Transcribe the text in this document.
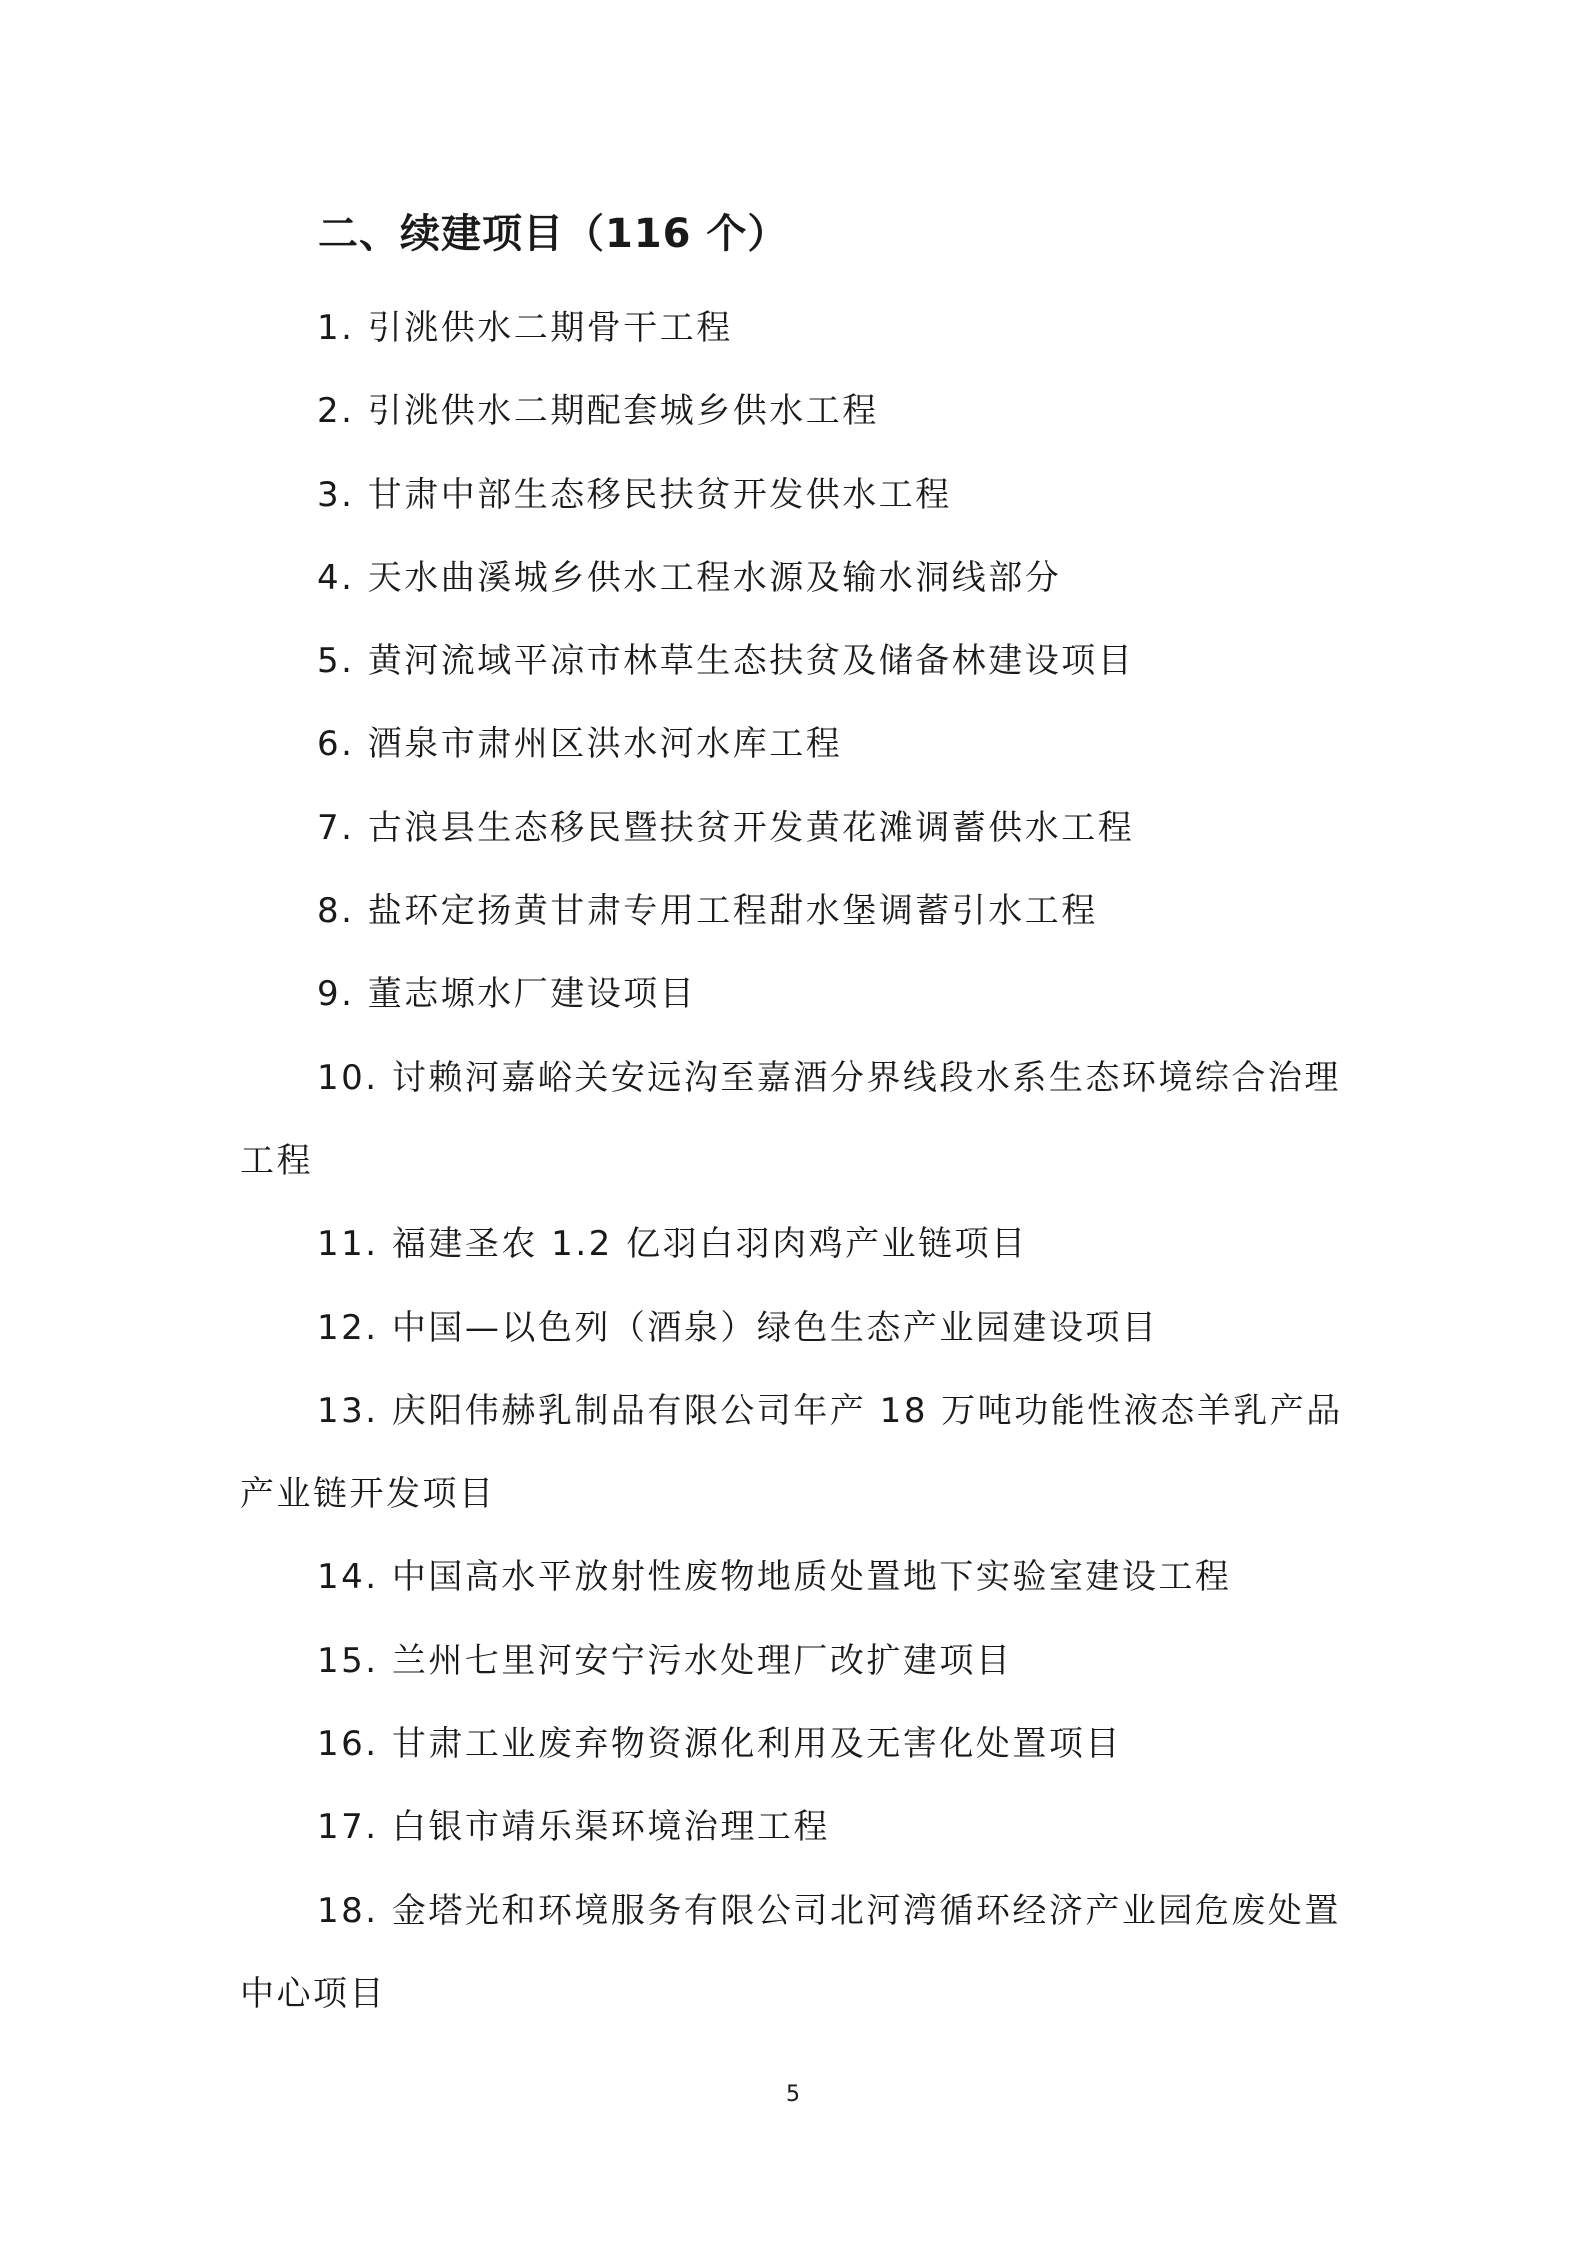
二、续建项目（116 个）
1. 引洮供水二期骨干工程
2. 引洮供水二期配套城乡供水工程
3. 甘肃中部生态移民扶贫开发供水工程
4. 天水曲溪城乡供水工程水源及输水洞线部分
5. 黄河流域平凉市林草生态扶贫及储备林建设项目
6. 酒泉市肃州区洪水河水库工程
7. 古浪县生态移民暨扶贫开发黄花滩调蓄供水工程
8. 盐环定扬黄甘肃专用工程甜水堡调蓄引水工程
9. 董志塬水厂建设项目
10. 讨赖河嘉峪关安远沟至嘉酒分界线段水系生态环境综合治理工程
11. 福建圣农 1.2 亿羽白羽肉鸡产业链项目
12. 中国—以色列（酒泉）绿色生态产业园建设项目
13. 庆阳伟赫乳制品有限公司年产 18 万吨功能性液态羊乳产品产业链开发项目
14. 中国高水平放射性废物地质处置地下实验室建设工程
15. 兰州七里河安宁污水处理厂改扩建项目
16. 甘肃工业废弃物资源化利用及无害化处置项目
17. 白银市靖乐渠环境治理工程
18. 金塔光和环境服务有限公司北河湾循环经济产业园危废处置中心项目
5
